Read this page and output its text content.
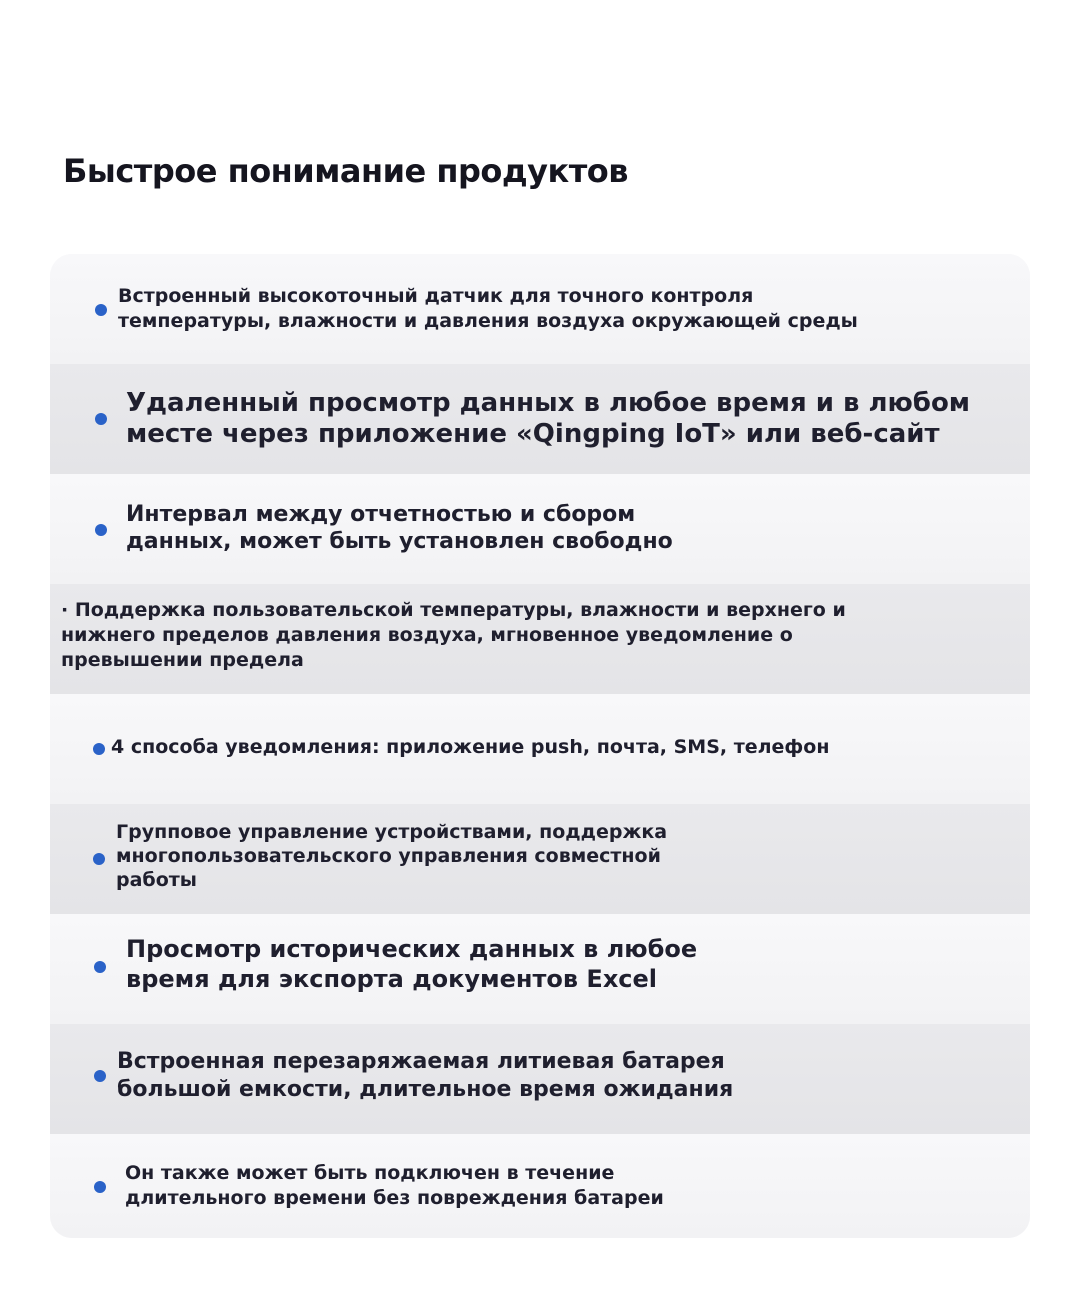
Быстрое понимание продуктов

Встроенный высокоточный датчик для точного контроля
температуры, влажности и давления воздуха окружающей среды

Удаленный просмотр данных в любое время и в любом
месте через приложение «Qingping IoT» или веб-сайт

Интервал между отчетностью и сбором
данных, может быть установлен свободно

· Поддержка пользовательской температуры, влажности и верхнего и
нижнего пределов давления воздуха, мгновенное уведомление о
превышении предела

4 способа уведомления: приложение push, почта, SMS, телефон

Групповое управление устройствами, поддержка
многопользовательского управления совместной
работы

Просмотр исторических данных в любое
время для экспорта документов Excel

Встроенная перезаряжаемая литиевая батарея
большой емкости, длительное время ожидания

Он также может быть подключен в течение
длительного времени без повреждения батареи
